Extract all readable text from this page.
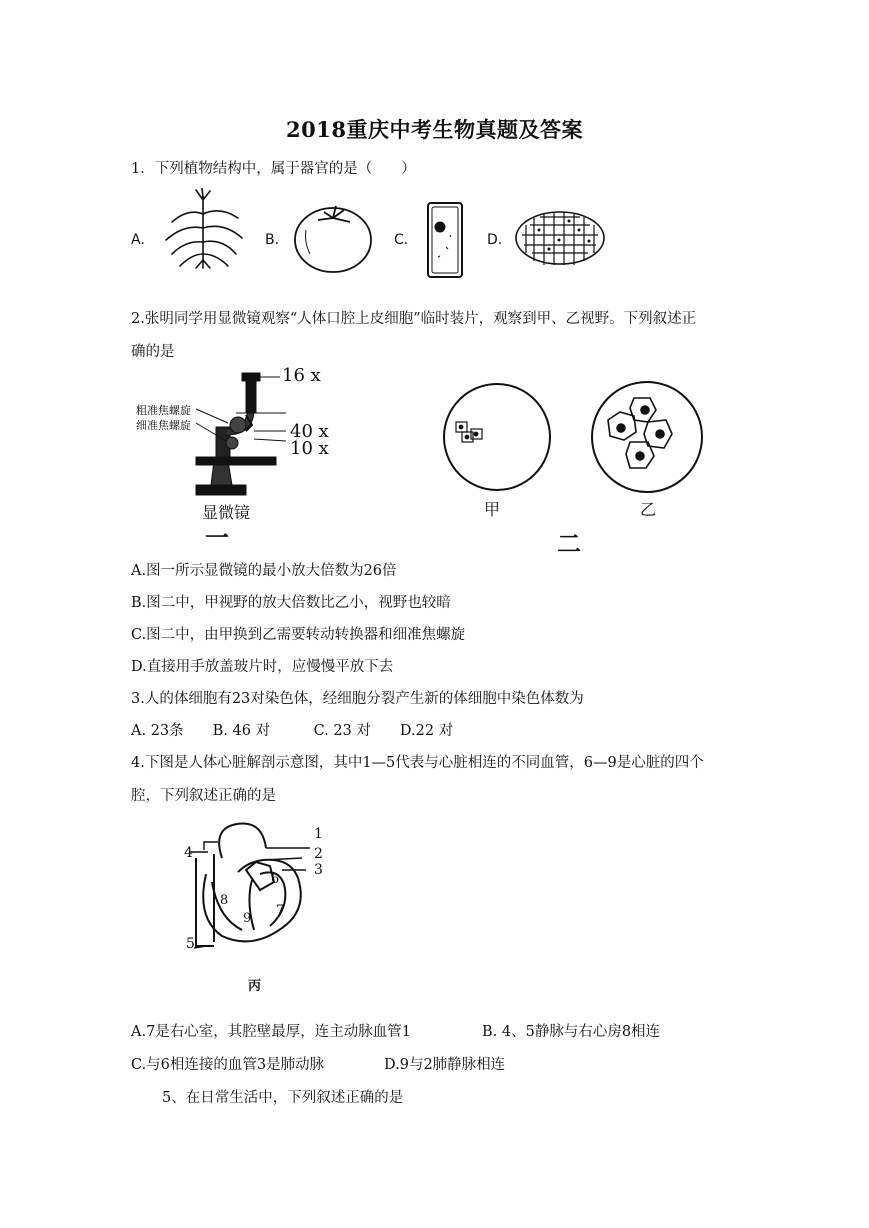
2018重庆中考生物真题及答案
1．下列植物结构中，属于器官的是（　　）
A.	B.	C.	D.
2.张明同学用显微镜观察“人体口腔上皮细胞”临时装片，观察到甲、乙视野。下列叙述正
确的是
16 x
40 x
10 x
粗准焦螺旋
细准焦螺旋
显微镜
一
甲	乙
二
A.图一所示显微镜的最小放大倍数为26倍
B.图二中，甲视野的放大倍数比乙小，视野也较暗
C.图二中，由甲换到乙需要转动转换器和细准焦螺旋
D.直接用手放盖玻片时，应慢慢平放下去
3.人的体细胞有23对染色体，经细胞分裂产生新的体细胞中染色体数为
A. 23条　　B. 46 对　　　C. 23 对　　D.22 对
4.下图是人体心脏解剖示意图，其中1—5代表与心脏相连的不同血管，6—9是心脏的四个
腔，下列叙述正确的是
1
2
3
4
5
6
7
8
9
丙
A.7是右心室，其腔壁最厚，连主动脉血管1	B. 4、5静脉与右心房8相连
C.与6相连接的血管3是肺动脉	D.9与2肺静脉相连
5、在日常生活中，下列叙述正确的是
